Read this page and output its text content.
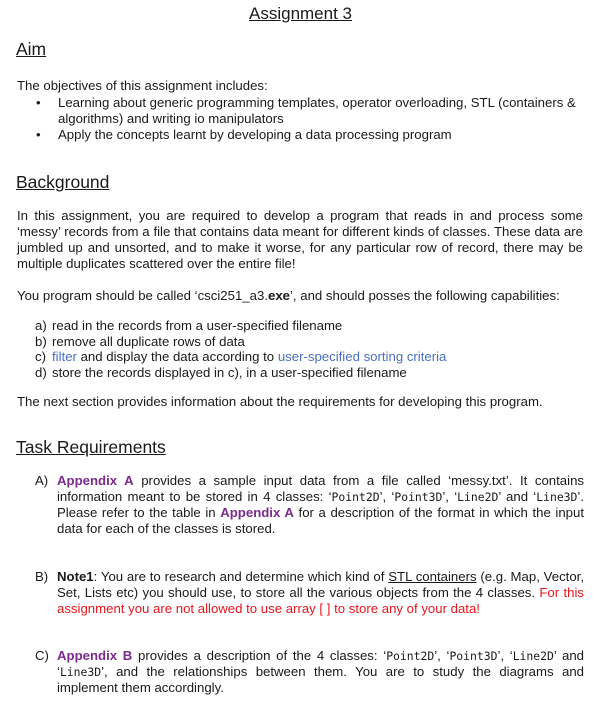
Assignment 3
Aim
The objectives of this assignment includes:
• Learning about generic programming templates, operator overloading, STL (containers & algorithms) and writing io manipulators
• Apply the concepts learnt by developing a data processing program
Background
In this assignment, you are required to develop a program that reads in and process some ‘messy’ records from a file that contains data meant for different kinds of classes. These data are jumbled up and unsorted, and to make it worse, for any particular row of record, there may be multiple duplicates scattered over the entire file!
You program should be called ‘csci251_a3.exe’, and should posses the following capabilities:
a) read in the records from a user-specified filename
b) remove all duplicate rows of data
c) filter and display the data according to user-specified sorting criteria
d) store the records displayed in c), in a user-specified filename
The next section provides information about the requirements for developing this program.
Task Requirements
A) Appendix A provides a sample input data from a file called ‘messy.txt’. It contains information meant to be stored in 4 classes: ‘Point2D’, ‘Point3D’, ‘Line2D’ and ‘Line3D’. Please refer to the table in Appendix A for a description of the format in which the input data for each of the classes is stored.
B) Note1: You are to research and determine which kind of STL containers (e.g. Map, Vector, Set, Lists etc) you should use, to store all the various objects from the 4 classes. For this assignment you are not allowed to use array [ ] to store any of your data!
C) Appendix B provides a description of the 4 classes: ‘Point2D’, ‘Point3D’, ‘Line2D’ and ‘Line3D’, and the relationships between them. You are to study the diagrams and implement them accordingly.
